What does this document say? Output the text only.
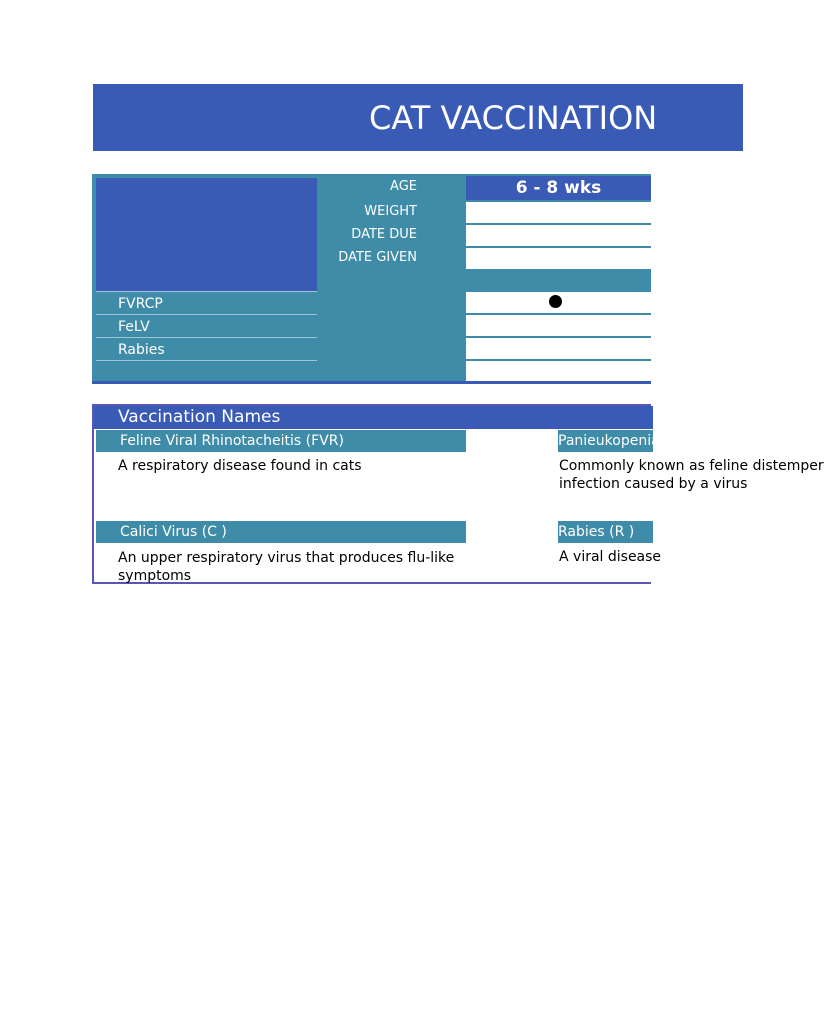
CAT VACCINATION
AGE
WEIGHT
DATE DUE
DATE GIVEN
6 - 8 wks
FVRCP
FeLV
Rabies
Vaccination Names
Feline Viral Rhinotacheitis (FVR)
A respiratory disease found in cats
Panieukopenia
Commonly known as feline distemper
infection caused by a virus
Calici Virus (C )
An upper respiratory virus that produces flu-like
symptoms
Rabies (R )
A viral disease
